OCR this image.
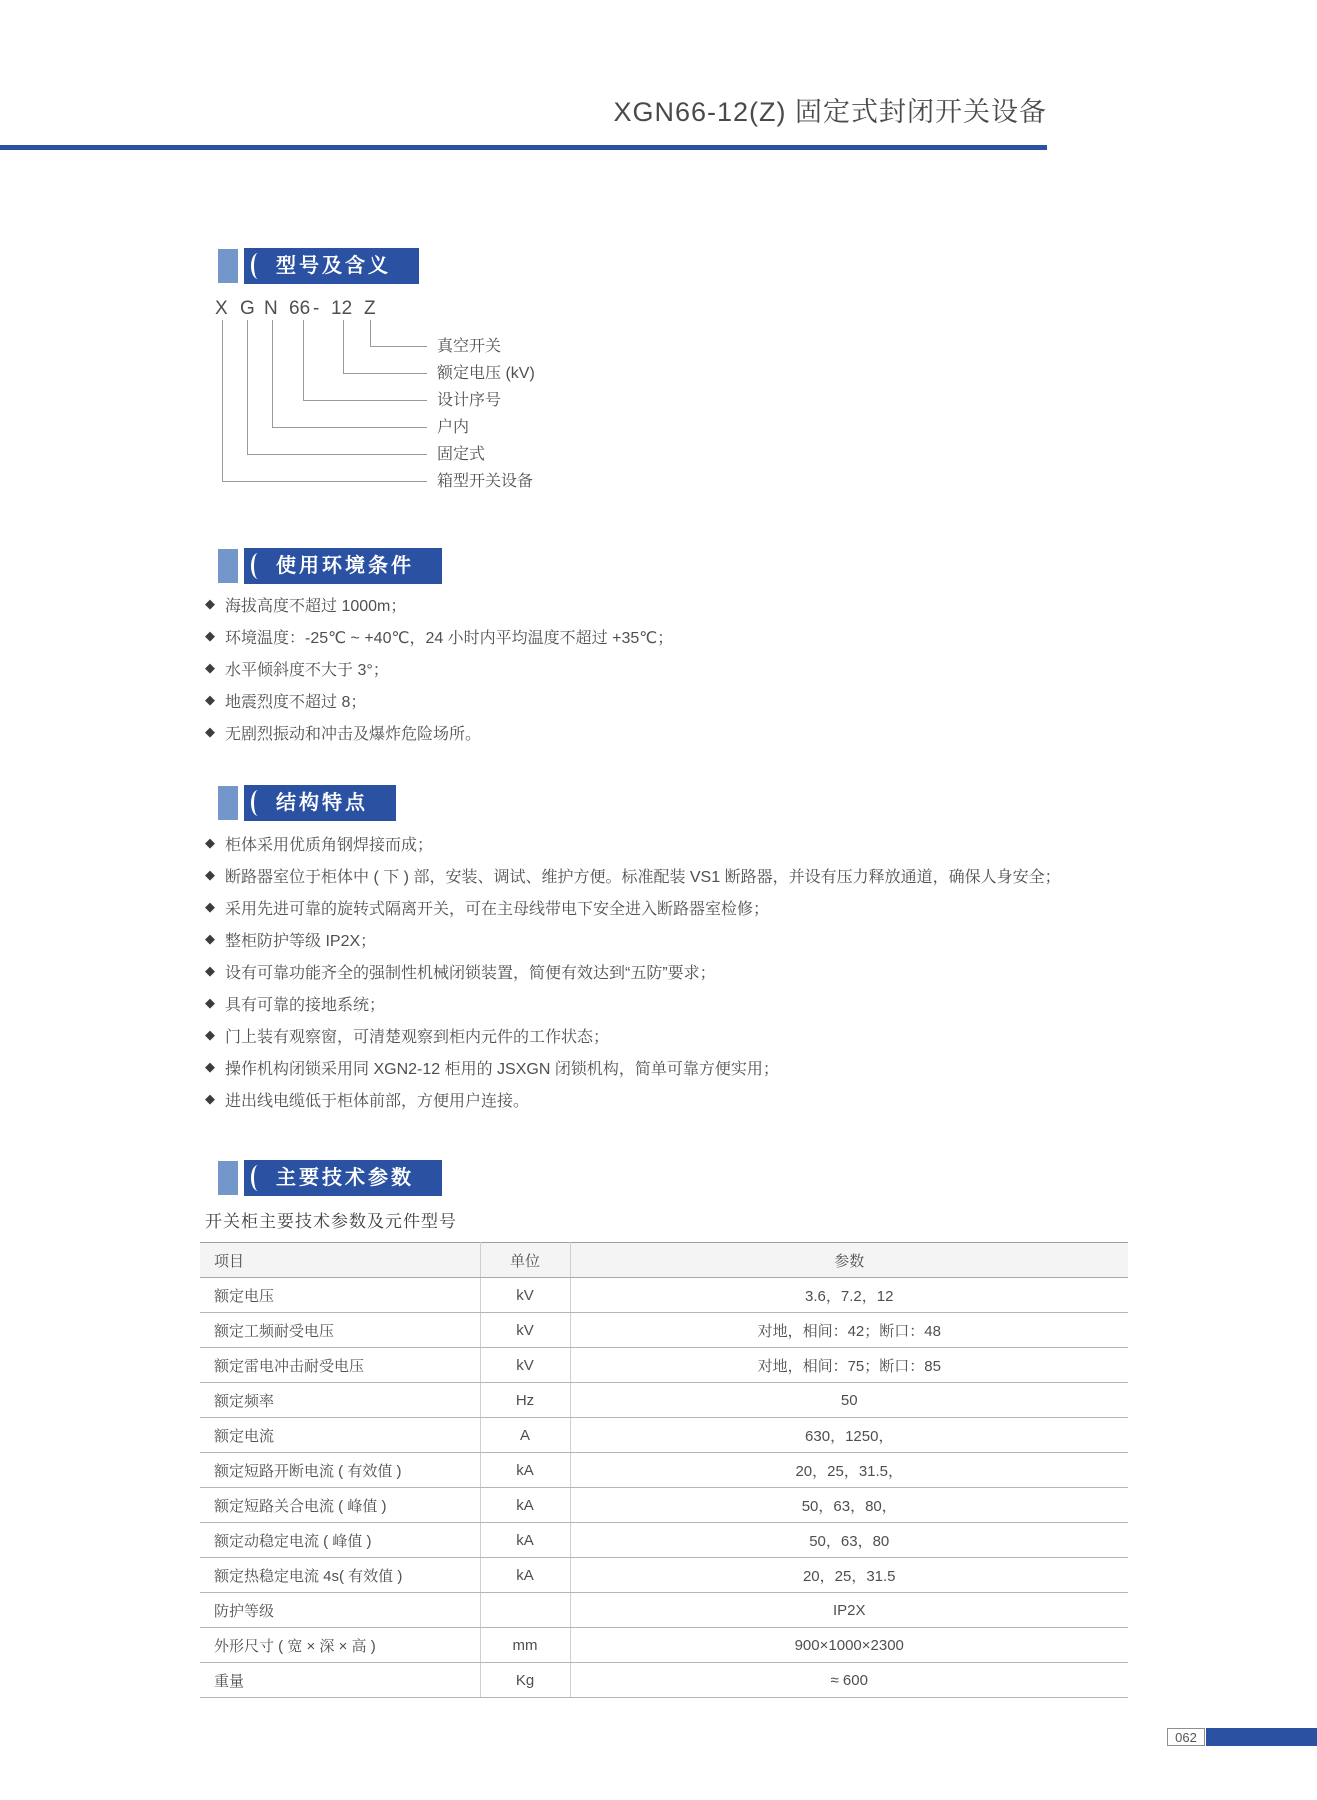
XGN66-12(Z) 固定式封闭开关设备
型号及含义
X G N 66 - 12 Z
真空开关
额定电压 (kV)
设计序号
户内
固定式
箱型开关设备
使用环境条件
◆
海拔高度不超过 1000m；
◆
环境温度：-25℃ ~ +40℃，24 小时内平均温度不超过 +35℃；
◆
水平倾斜度不大于 3°；
◆
地震烈度不超过 8；
◆
无剧烈振动和冲击及爆炸危险场所。
结构特点
◆
柜体采用优质角钢焊接而成；
◆
断路器室位于柜体中 ( 下 ) 部，安装、调试、维护方便。标准配装 VS1 断路器，并设有压力释放通道，确保人身安全；
◆
采用先进可靠的旋转式隔离开关，可在主母线带电下安全进入断路器室检修；
◆
整柜防护等级 IP2X；
◆
设有可靠功能齐全的强制性机械闭锁装置，简便有效达到“五防”要求；
◆
具有可靠的接地系统；
◆
门上装有观察窗，可清楚观察到柜内元件的工作状态；
◆
操作机构闭锁采用同 XGN2-12 柜用的 JSXGN 闭锁机构，简单可靠方便实用；
◆
进出线电缆低于柜体前部，方便用户连接。
主要技术参数
开关柜主要技术参数及元件型号
项目	单位	参数
额定电压	kV	3.6，7.2，12
额定工频耐受电压	kV	对地，相间：42；断口：48
额定雷电冲击耐受电压	kV	对地，相间：75；断口：85
额定频率	Hz	50
额定电流	A	630，1250，
额定短路开断电流 ( 有效值 )	kA	20，25，31.5，
额定短路关合电流 ( 峰值 )	kA	50，63，80，
额定动稳定电流 ( 峰值 )	kA	50，63，80
额定热稳定电流 4s( 有效值 )	kA	20，25，31.5
防护等级		IP2X
外形尺寸 ( 宽 × 深 × 高 )	mm	900×1000×2300
重量	Kg	≈ 600
062
